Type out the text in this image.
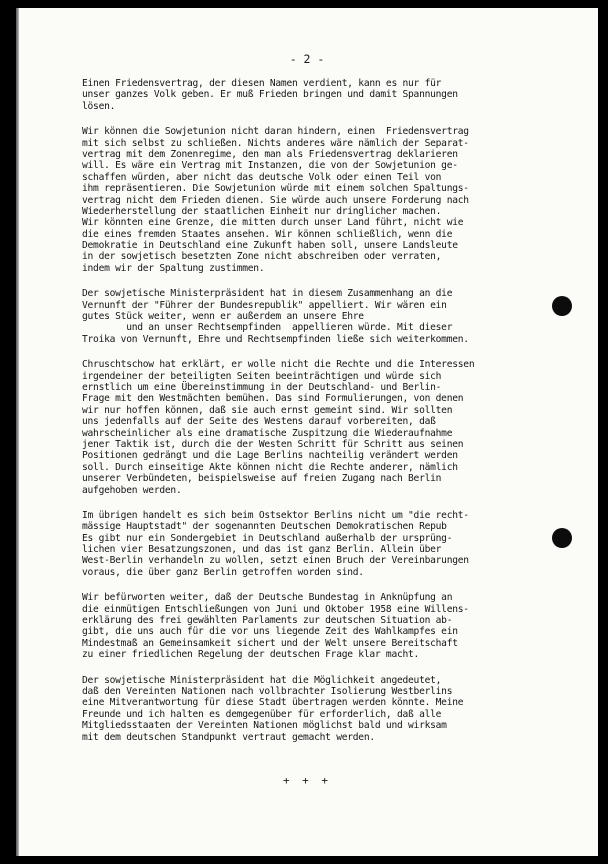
- 2 -
Einen Friedensvertrag, der diesen Namen verdient, kann es nur für
unser ganzes Volk geben. Er muß Frieden bringen und damit Spannungen
lösen.
Wir können die Sowjetunion nicht daran hindern, einen  Friedensvertrag
mit sich selbst zu schließen. Nichts anderes wäre nämlich der Separat-
vertrag mit dem Zonenregime, den man als Friedensvertrag deklarieren
will. Es wäre ein Vertrag mit Instanzen, die von der Sowjetunion ge-
schaffen würden, aber nicht das deutsche Volk oder einen Teil von
ihm repräsentieren. Die Sowjetunion würde mit einem solchen Spaltungs-
vertrag nicht dem Frieden dienen. Sie würde auch unsere Forderung nach
Wiederherstellung der staatlichen Einheit nur dringlicher machen.
Wir könnten eine Grenze, die mitten durch unser Land führt, nicht wie
die eines fremden Staates ansehen. Wir können schließlich, wenn die
Demokratie in Deutschland eine Zukunft haben soll, unsere Landsleute
in der sowjetisch besetzten Zone nicht abschreiben oder verraten,
indem wir der Spaltung zustimmen.
Der sowjetische Ministerpräsident hat in diesem Zusammenhang an die
Vernunft der "Führer der Bundesrepublik" appelliert. Wir wären ein
gutes Stück weiter, wenn er außerdem an unsere Ehre
und an unser Rechtsempfinden  appellieren würde. Mit dieser
Troika von Vernunft, Ehre und Rechtsempfinden ließe sich weiterkommen.
Chruschtschow hat erklärt, er wolle nicht die Rechte und die Interessen
irgendeiner der beteiligten Seiten beeinträchtigen und würde sich
ernstlich um eine Übereinstimmung in der Deutschland- und Berlin-
Frage mit den Westmächten bemühen. Das sind Formulierungen, von denen
wir nur hoffen können, daß sie auch ernst gemeint sind. Wir sollten
uns jedenfalls auf der Seite des Westens darauf vorbereiten, daß
wahrscheinlicher als eine dramatische Zuspitzung die Wiederaufnahme
jener Taktik ist, durch die der Westen Schritt für Schritt aus seinen
Positionen gedrängt und die Lage Berlins nachteilig verändert werden
soll. Durch einseitige Akte können nicht die Rechte anderer, nämlich
unserer Verbündeten, beispielsweise auf freien Zugang nach Berlin
aufgehoben werden.
Im übrigen handelt es sich beim Ostsektor Berlins nicht um "die recht-
mässige Hauptstadt" der sogenannten Deutschen Demokratischen Repub
Es gibt nur ein Sondergebiet in Deutschland außerhalb der ursprüng-
lichen vier Besatzungszonen, und das ist ganz Berlin. Allein über
West-Berlin verhandeln zu wollen, setzt einen Bruch der Vereinbarungen
voraus, die über ganz Berlin getroffen worden sind.
Wir befürworten weiter, daß der Deutsche Bundestag in Anknüpfung an
die einmütigen Entschließungen von Juni und Oktober 1958 eine Willens-
erklärung des frei gewählten Parlaments zur deutschen Situation ab-
gibt, die uns auch für die vor uns liegende Zeit des Wahlkampfes ein
Mindestmaß an Gemeinsamkeit sichert und der Welt unsere Bereitschaft
zu einer friedlichen Regelung der deutschen Frage klar macht.
Der sowjetische Ministerpräsident hat die Möglichkeit angedeutet,
daß den Vereinten Nationen nach vollbrachter Isolierung Westberlins
eine Mitverantwortung für diese Stadt übertragen werden könnte. Meine
Freunde und ich halten es demgegenüber für erforderlich, daß alle
Mitgliedsstaaten der Vereinten Nationen möglichst bald und wirksam
mit dem deutschen Standpunkt vertraut gemacht werden.
+ + +
